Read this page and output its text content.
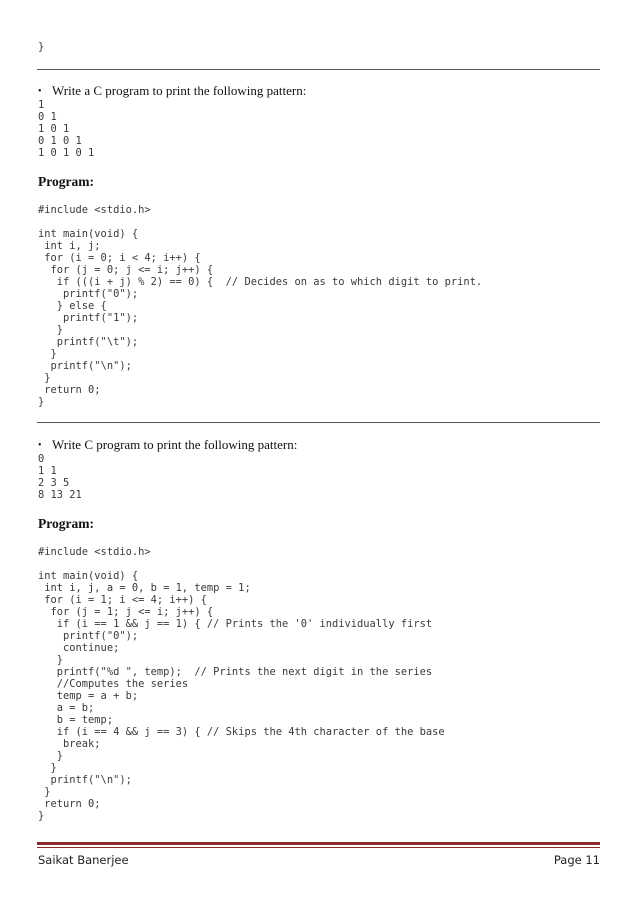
}
• Write a C program to print the following pattern:
1
0 1
1 0 1
0 1 0 1
1 0 1 0 1
Program:
#include <stdio.h>
int main(void) {
int i, j;
for (i = 0; i < 4; i++) {
for (j = 0; j <= i; j++) {
if (((i + j) % 2) == 0) {  // Decides on as to which digit to print.
printf("0");
} else {
printf("1");
}
printf("\t");
}
printf("\n");
}
return 0;
}
• Write C program to print the following pattern:
0
1 1
2 3 5
8 13 21
Program:
#include <stdio.h>
int main(void) {
int i, j, a = 0, b = 1, temp = 1;
for (i = 1; i <= 4; i++) {
for (j = 1; j <= i; j++) {
if (i == 1 && j == 1) { // Prints the '0' individually first
printf("0");
continue;
}
printf("%d ", temp);  // Prints the next digit in the series
//Computes the series
temp = a + b;
a = b;
b = temp;
if (i == 4 && j == 3) { // Skips the 4th character of the base
break;
}
}
printf("\n");
}
return 0;
}
Saikat Banerjee	Page 11
